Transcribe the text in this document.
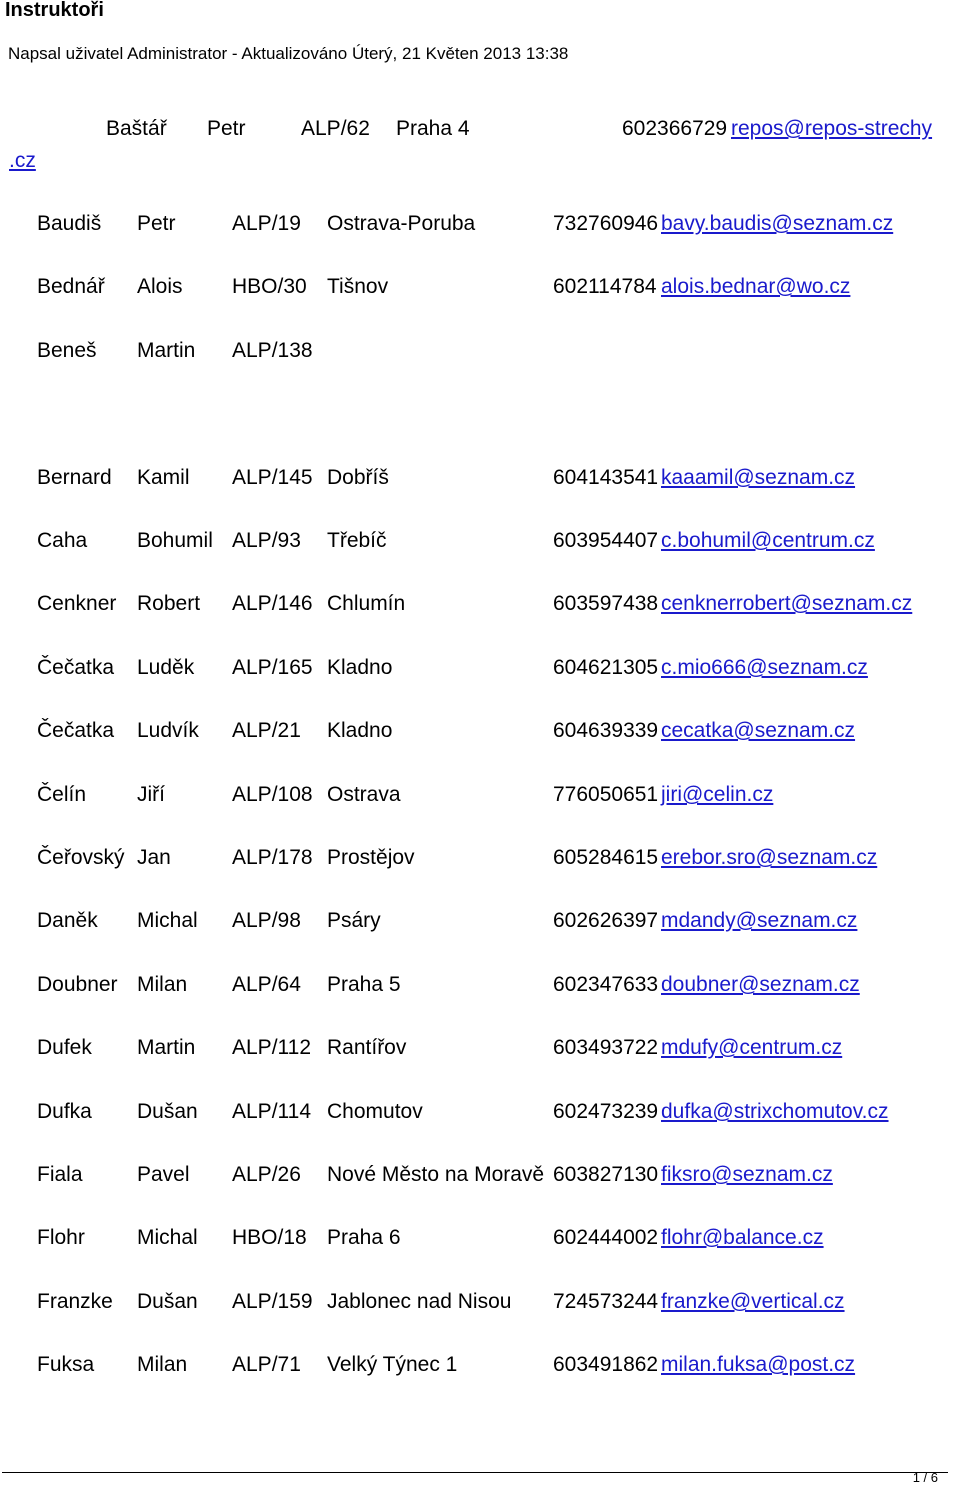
Instruktoři
Napsal uživatel Administrator - Aktualizováno Úterý, 21 Květen 2013 13:38
Baštář Petr	ALP/62 Praha 4	602366729 repos@repos-strechy
.cz
Baudiš Petr	ALP/19 Ostrava-Poruba	732760946 bavy.baudis@seznam.cz
Bednář Alois HBO/30 Tišnov	602114784 alois.bednar@wo.cz
Beneš Martin ALP/138
Bernard Kamil ALP/145 Dobříš	604143541 kaaamil@seznam.cz
Caha Bohumil ALP/93 Třebíč	603954407 c.bohumil@centrum.cz
Cenkner Robert ALP/146 Chlumín	603597438 cenknerrobert@seznam.cz
Čečatka Luděk ALP/165 Kladno	604621305 c.mio666@seznam.cz
Čečatka Ludvík ALP/21 Kladno	604639339 cecatka@seznam.cz
Čelín Jiří	ALP/108 Ostrava	776050651 jiri@celin.cz
Čeřovský Jan	ALP/178 Prostějov	605284615 erebor.sro@seznam.cz
Daněk Michal ALP/98 Psáry	602626397 mdandy@seznam.cz
Doubner Milan ALP/64 Praha 5	602347633 doubner@seznam.cz
Dufek Martin ALP/112 Rantířov	603493722 mdufy@centrum.cz
Dufka Dušan ALP/114 Chomutov	602473239 dufka@strixchomutov.cz
Fiala	Pavel ALP/26 Nové Město na Moravě 603827130 fiksro@seznam.cz
Flohr Michal HBO/18 Praha 6	602444002 flohr@balance.cz
Franzke Dušan ALP/159 Jablonec nad Nisou 724573244 franzke@vertical.cz
Fuksa Milan ALP/71 Velký Týnec 1	603491862 milan.fuksa@post.cz
1 / 6
